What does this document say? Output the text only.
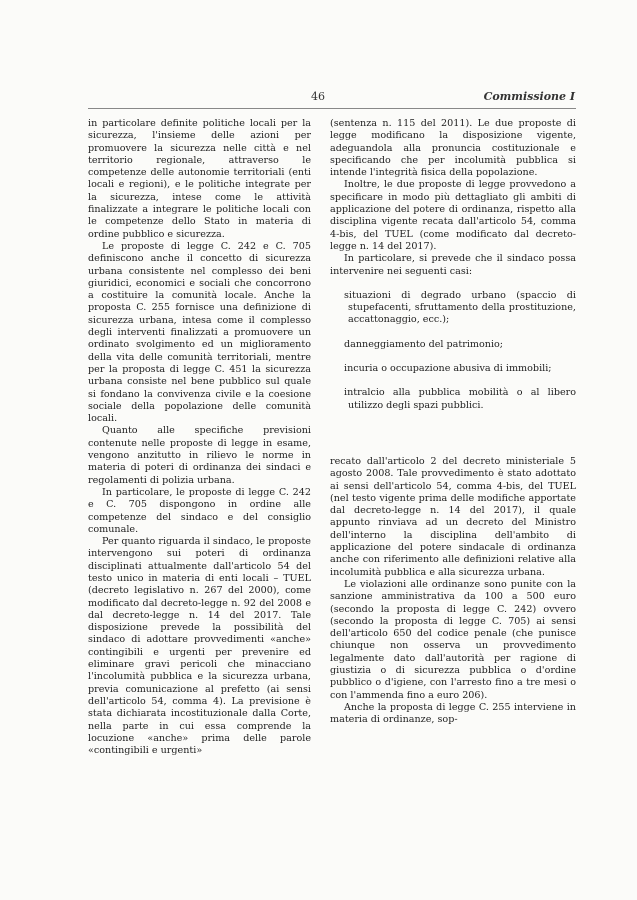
46	Commissione I

in particolare definite politiche locali per la sicurezza, l'insieme delle azioni per promuovere la sicurezza nelle città e nel territorio regionale, attraverso le competenze delle autonomie territoriali (enti locali e regioni), e le politiche integrate per la sicurezza, intese come le attività finalizzate a integrare le politiche locali con le competenze dello Stato in materia di ordine pubblico e sicurezza.

Le proposte di legge C. 242 e C. 705 definiscono anche il concetto di sicurezza urbana consistente nel complesso dei beni giuridici, economici e sociali che concorrono a costituire la comunità locale. Anche la proposta C. 255 fornisce una definizione di sicurezza urbana, intesa come il complesso degli interventi finalizzati a promuovere un ordinato svolgimento ed un miglioramento della vita delle comunità territoriali, mentre per la proposta di legge C. 451 la sicurezza urbana consiste nel bene pubblico sul quale si fondano la convivenza civile e la coesione sociale della popolazione delle comunità locali.

Quanto alle specifiche previsioni contenute nelle proposte di legge in esame, vengono anzitutto in rilievo le norme in materia di poteri di ordinanza dei sindaci e regolamenti di polizia urbana.

In particolare, le proposte di legge C. 242 e C. 705 dispongono in ordine alle competenze del sindaco e del consiglio comunale.

Per quanto riguarda il sindaco, le proposte intervengono sui poteri di ordinanza disciplinati attualmente dall'articolo 54 del testo unico in materia di enti locali – TUEL (decreto legislativo n. 267 del 2000), come modificato dal decreto-legge n. 92 del 2008 e dal decreto-legge n. 14 del 2017. Tale disposizione prevede la possibilità del sindaco di adottare provvedimenti «anche» contingibili e urgenti per prevenire ed eliminare gravi pericoli che minacciano l'incolumità pubblica e la sicurezza urbana, previa comunicazione al prefetto (ai sensi dell'articolo 54, comma 4). La previsione è stata dichiarata incostituzionale dalla Corte, nella parte in cui essa comprende la locuzione «anche» prima delle parole «contingibili e urgenti»

(sentenza n. 115 del 2011). Le due proposte di legge modificano la disposizione vigente, adeguandola alla pronuncia costituzionale e specificando che per incolumità pubblica si intende l'integrità fisica della popolazione.

Inoltre, le due proposte di legge provvedono a specificare in modo più dettagliato gli ambiti di applicazione del potere di ordinanza, rispetto alla disciplina vigente recata dall'articolo 54, comma 4-bis, del TUEL (come modificato dal decreto-legge n. 14 del 2017).

In particolare, si prevede che il sindaco possa intervenire nei seguenti casi:

situazioni di degrado urbano (spaccio di stupefacenti, sfruttamento della prostituzione, accattonaggio, ecc.);

danneggiamento del patrimonio;

incuria o occupazione abusiva di immobili;

intralcio alla pubblica mobilità o al libero utilizzo degli spazi pubblici.

recato dall'articolo 2 del decreto ministeriale 5 agosto 2008. Tale provvedimento è stato adottato ai sensi dell'articolo 54, comma 4-bis, del TUEL (nel testo vigente prima delle modifiche apportate dal decreto-legge n. 14 del 2017), il quale appunto rinviava ad un decreto del Ministro dell'interno la disciplina dell'ambito di applicazione del potere sindacale di ordinanza anche con riferimento alle definizioni relative alla incolumità pubblica e alla sicurezza urbana.

Le violazioni alle ordinanze sono punite con la sanzione amministrativa da 100 a 500 euro (secondo la proposta di legge C. 242) ovvero (secondo la proposta di legge C. 705) ai sensi dell'articolo 650 del codice penale (che punisce chiunque non osserva un provvedimento legalmente dato dall'autorità per ragione di giustizia o di sicurezza pubblica o d'ordine pubblico o d'igiene, con l'arresto fino a tre mesi o con l'ammenda fino a euro 206).

Anche la proposta di legge C. 255 interviene in materia di ordinanze, sop-
